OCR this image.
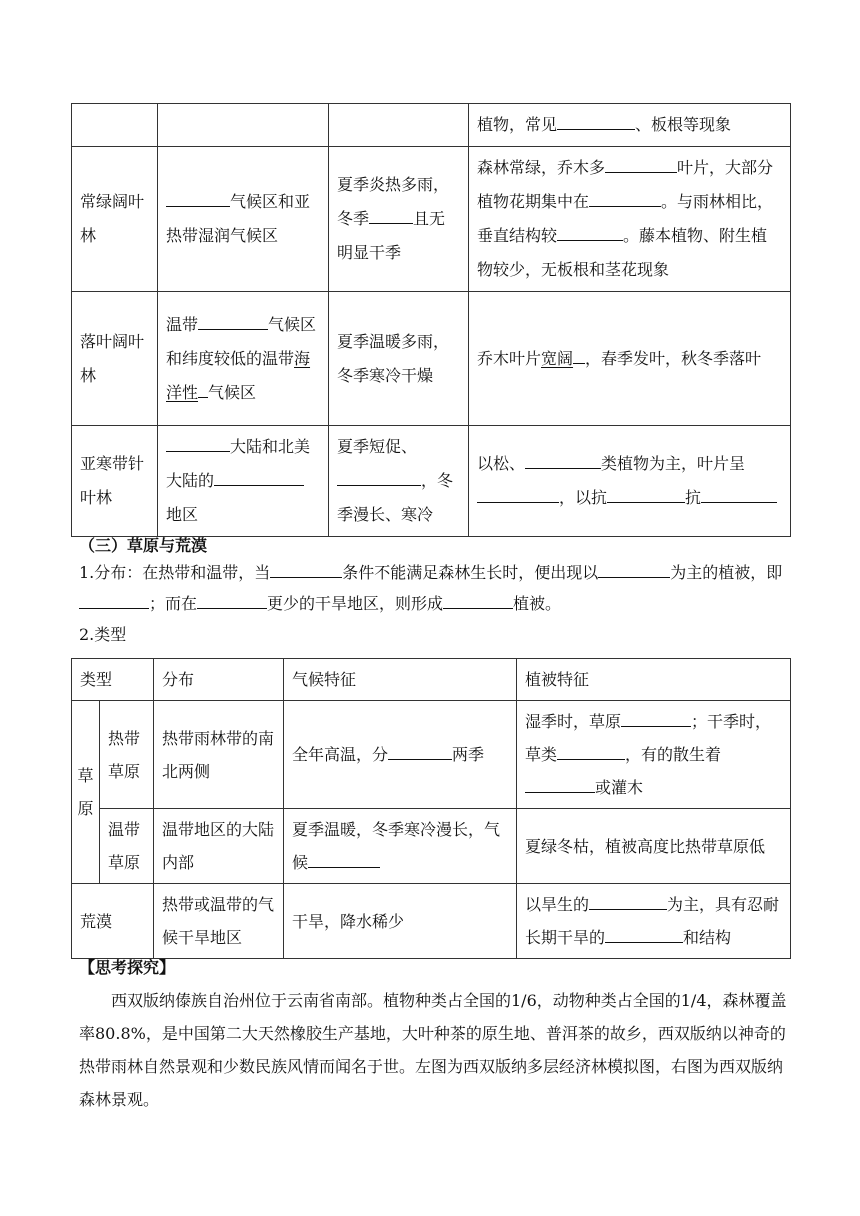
			植物，常见 、板根等现象
常绿阔叶林	气候区和亚热带湿润气候区	夏季炎热多雨，冬季 且无明显干季	森林常绿，乔木多 叶片，大部分植物花期集中在 。与雨林相比，垂直结构较 。藤本植物、附生植物较少，无板根和茎花现象
落叶阔叶林	温带 气候区和纬度较低的温带海洋性 气候区	夏季温暖多雨，冬季寒冷干燥	乔木叶片宽阔 ，春季发叶，秋冬季落叶
亚寒带针叶林	大陆和北美大陆的地区	夏季短促、，冬季漫长、寒冷	以松、 类植物为主，叶片呈，以抗 抗
（三）草原与荒漠
1.分布：在热带和温带，当	条件不能满足森林生长时，便出现以	为主的植被，即；而在	更少的干旱地区，则形成	植被。
2.类型
类型		分布	气候特征	植被特征
草原	热带草原	热带雨林带的南北两侧	全年高温，分 两季	湿季时，草原 ；干季时，草类 ，有的散生着或灌木
	温带草原	温带地区的大陆内部	夏季温暖，冬季寒冷漫长，气候	夏绿冬枯，植被高度比热带草原低
荒漠		热带或温带的气候干旱地区	干旱，降水稀少	以旱生的 为主，具有忍耐长期干旱的 和结构
【思考探究】
西双版纳傣族自治州位于云南省南部。植物种类占全国的1/6，动物种类占全国的1/4，森林覆盖率80.8%，是中国第二大天然橡胶生产基地，大叶种茶的原生地、普洱茶的故乡，西双版纳以神奇的热带雨林自然景观和少数民族风情而闻名于世。左图为西双版纳多层经济林模拟图，右图为西双版纳森林景观。
